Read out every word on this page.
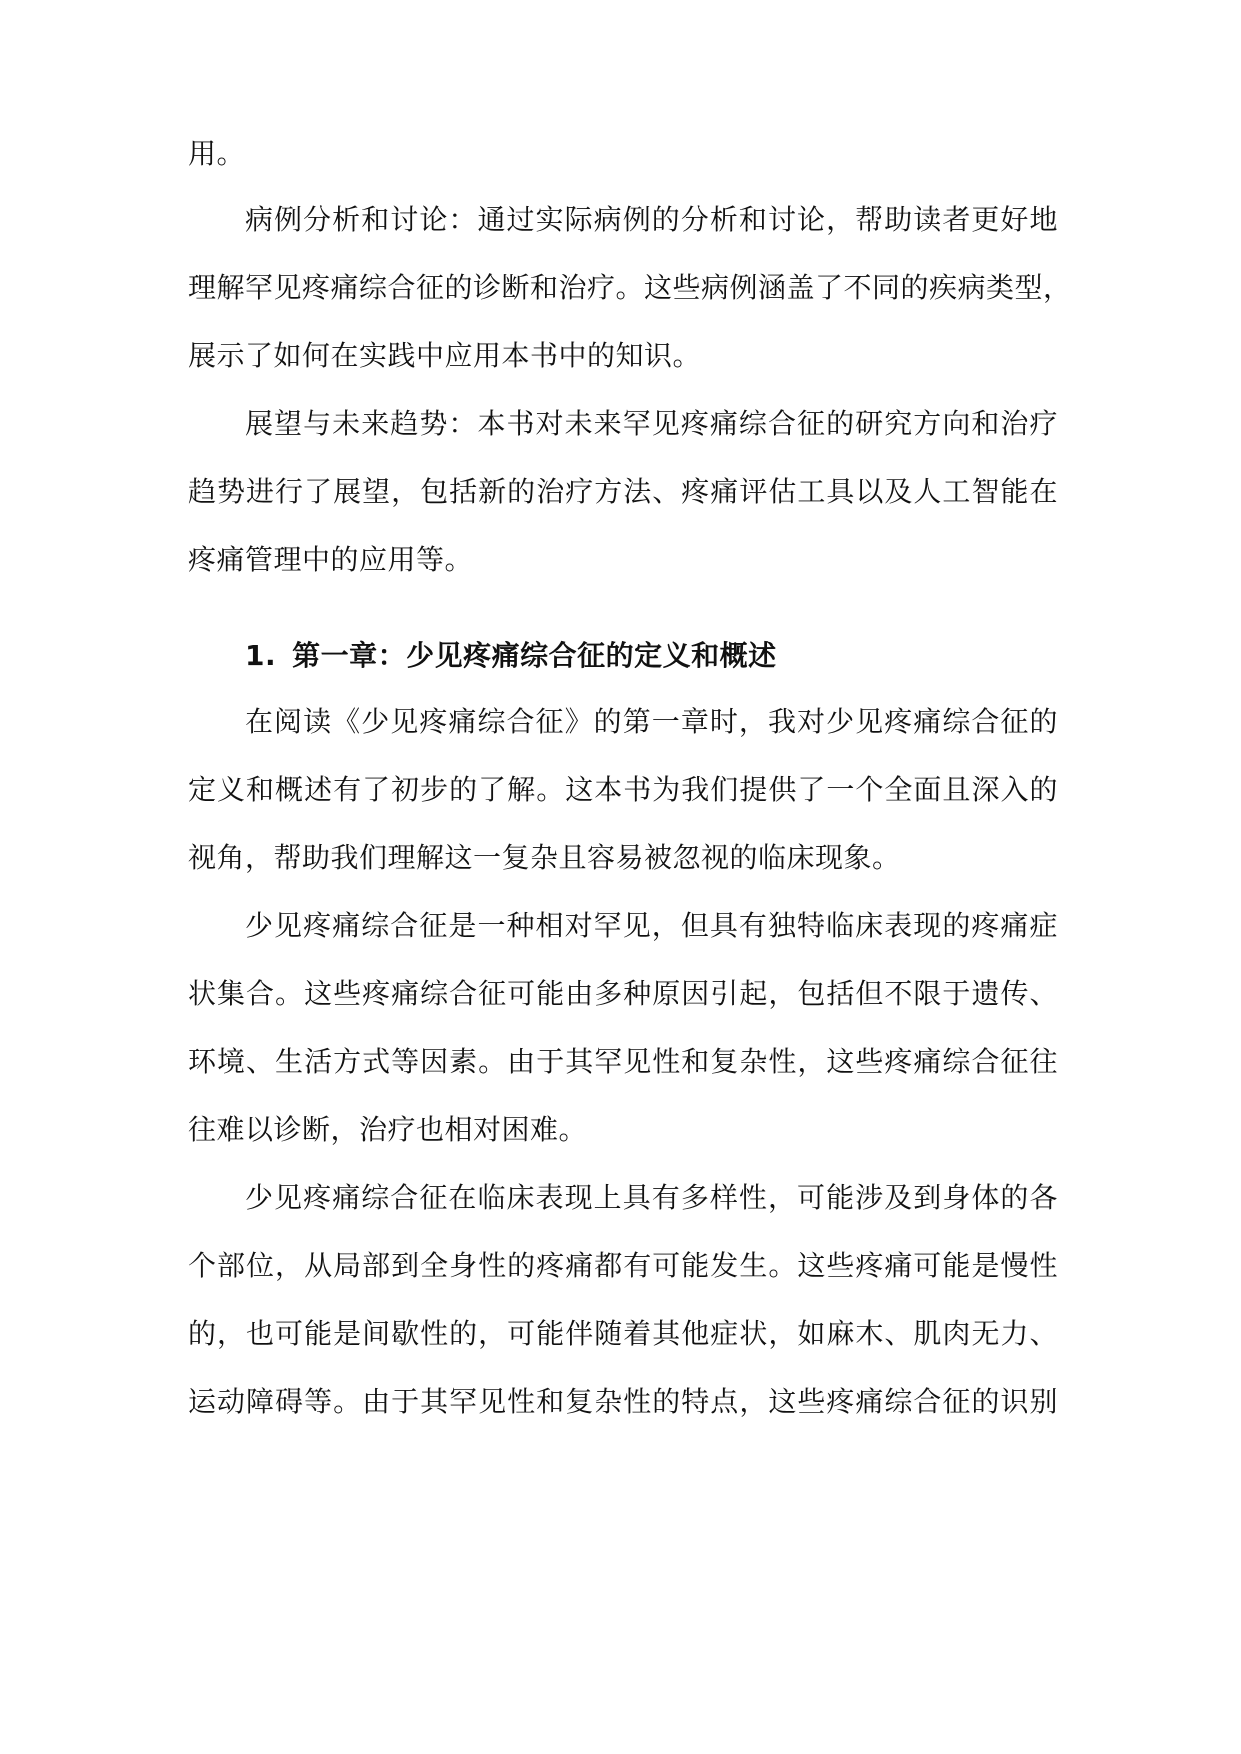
用。
病例分析和讨论：通过实际病例的分析和讨论，帮助读者更好地
理解罕见疼痛综合征的诊断和治疗。这些病例涵盖了不同的疾病类型，
展示了如何在实践中应用本书中的知识。
展望与未来趋势：本书对未来罕见疼痛综合征的研究方向和治疗
趋势进行了展望，包括新的治疗方法、疼痛评估工具以及人工智能在
疼痛管理中的应用等。
1. 第一章：少见疼痛综合征的定义和概述
在阅读《少见疼痛综合征》的第一章时，我对少见疼痛综合征的
定义和概述有了初步的了解。这本书为我们提供了一个全面且深入的
视角，帮助我们理解这一复杂且容易被忽视的临床现象。
少见疼痛综合征是一种相对罕见，但具有独特临床表现的疼痛症
状集合。这些疼痛综合征可能由多种原因引起，包括但不限于遗传、
环境、生活方式等因素。由于其罕见性和复杂性，这些疼痛综合征往
往难以诊断，治疗也相对困难。
少见疼痛综合征在临床表现上具有多样性，可能涉及到身体的各
个部位，从局部到全身性的疼痛都有可能发生。这些疼痛可能是慢性
的，也可能是间歇性的，可能伴随着其他症状，如麻木、肌肉无力、
运动障碍等。由于其罕见性和复杂性的特点，这些疼痛综合征的识别
